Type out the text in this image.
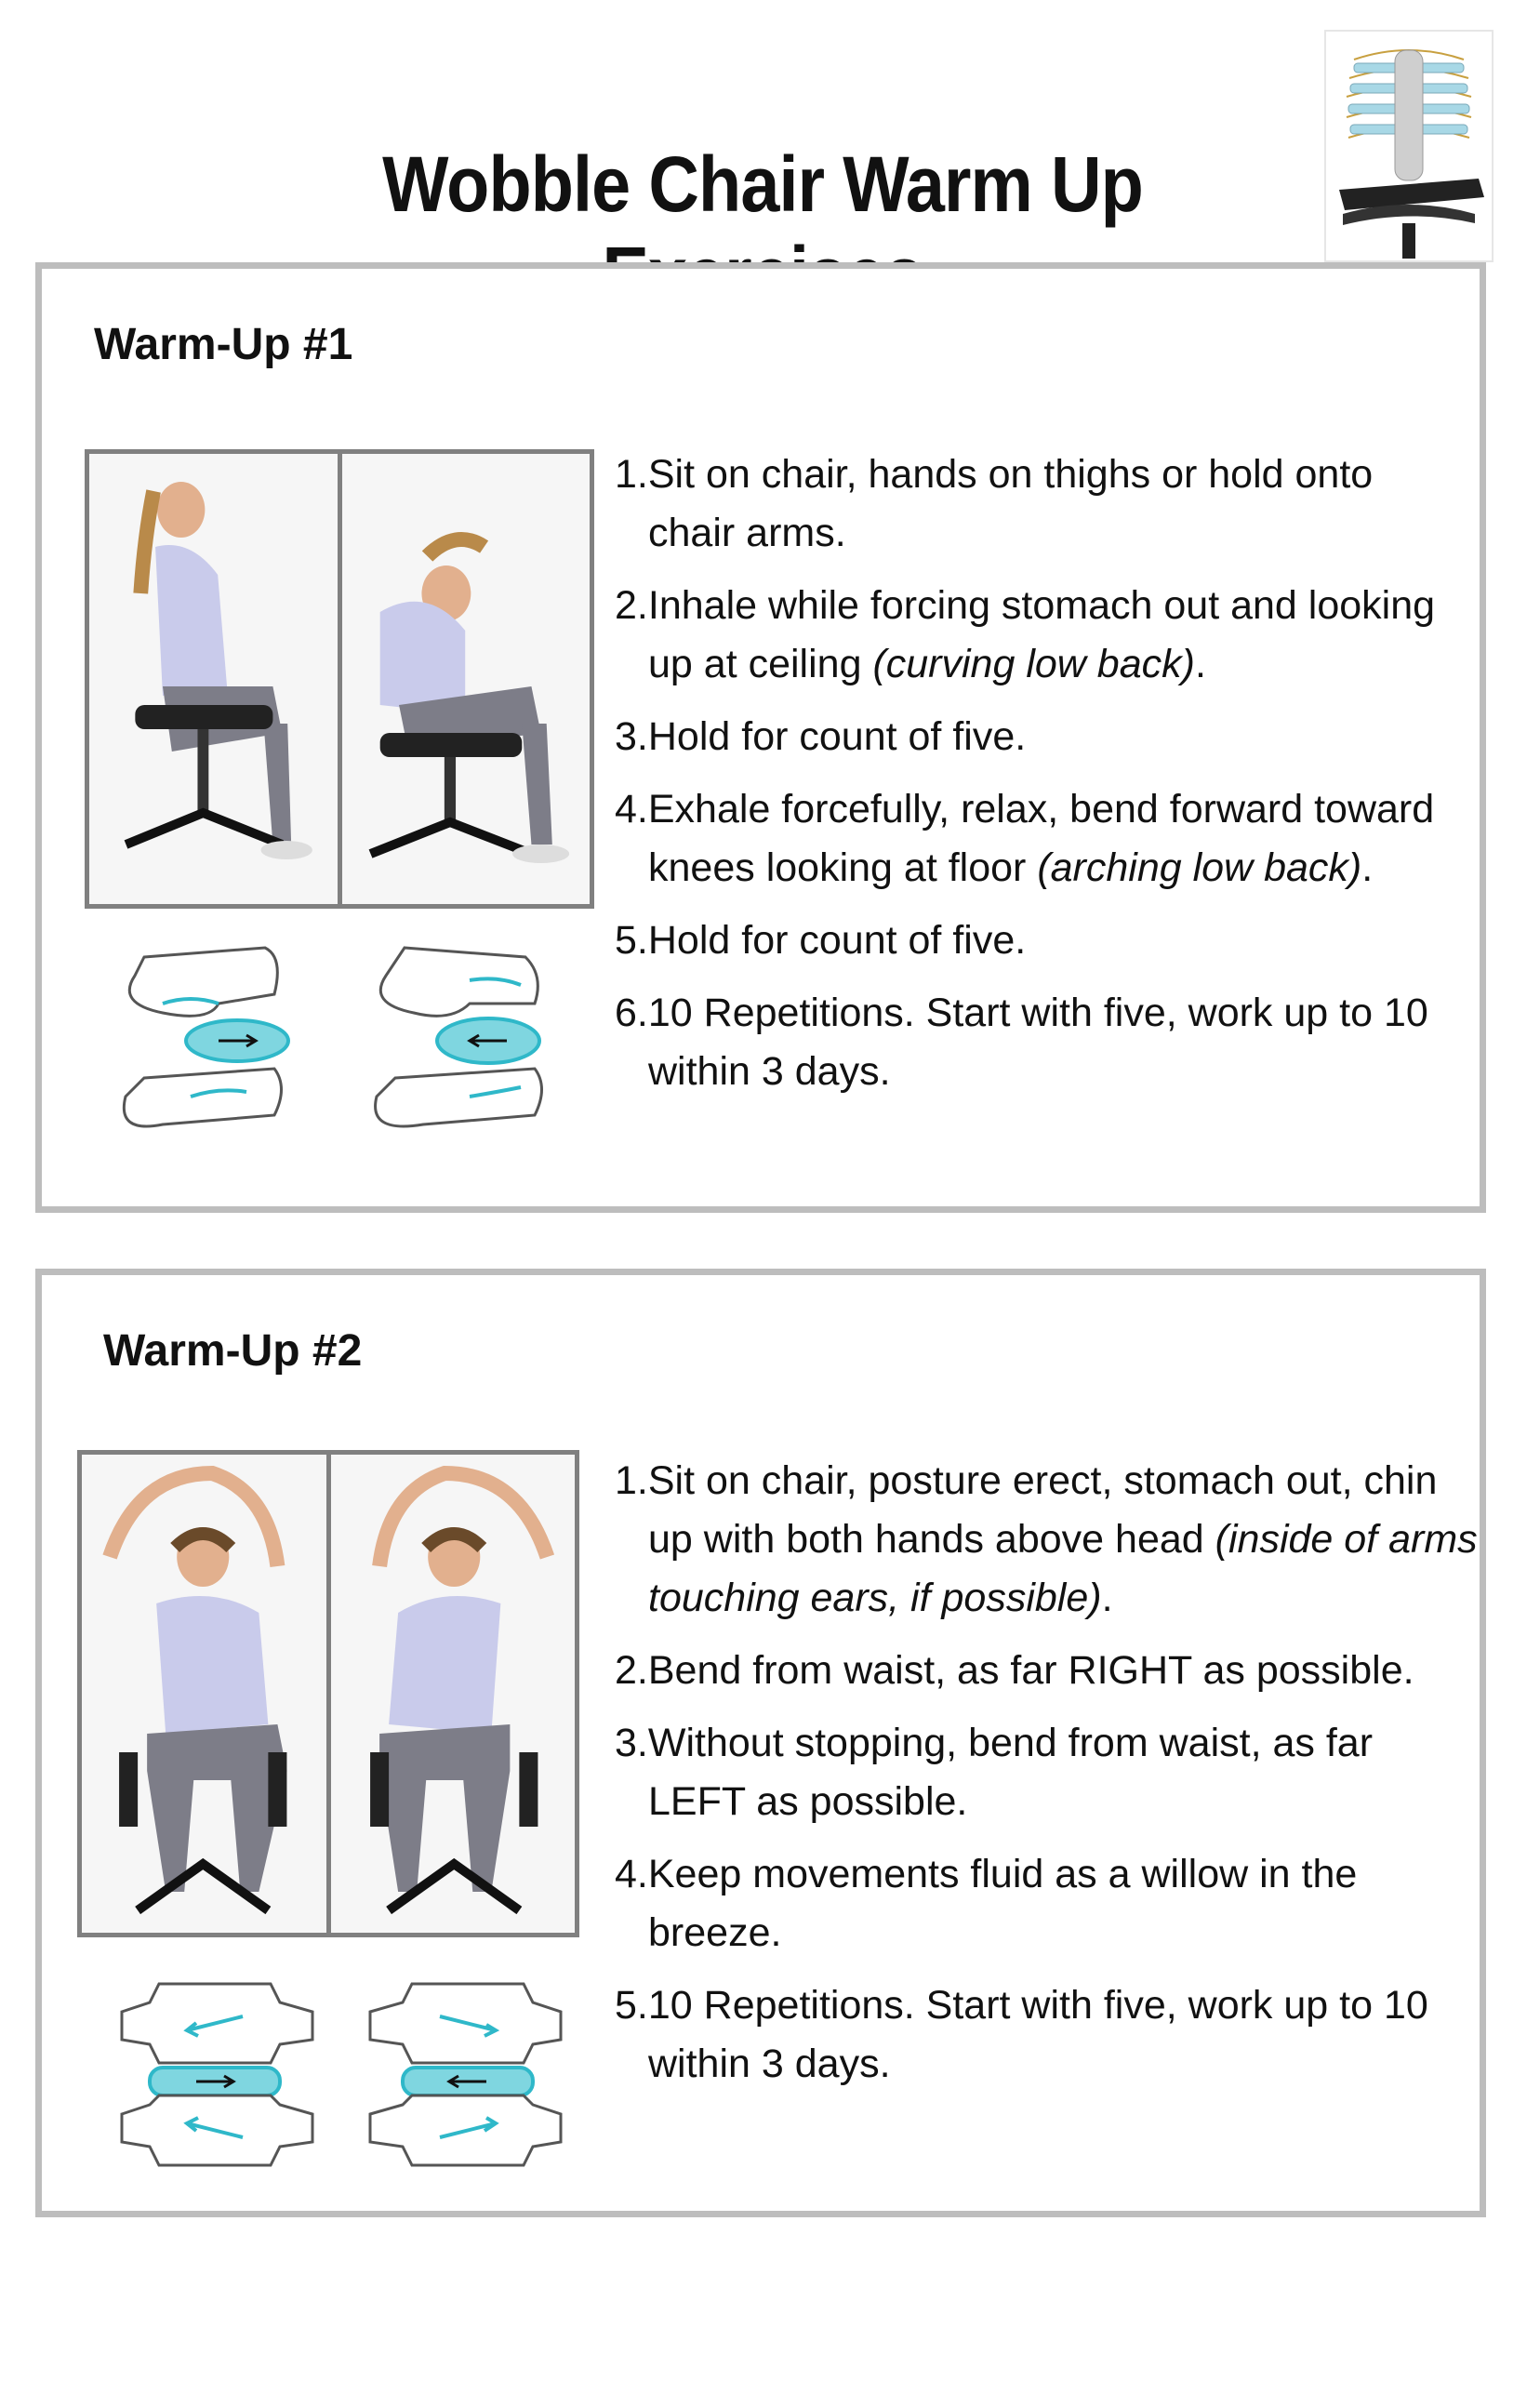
Wobble Chair Warm Up
Warm-Up #1
1.Sit on chair, hands on thighs or hold onto chair arms.
2.Inhale while forcing stomach out and looking up at ceiling (curving low back).
3.Hold for count of five.
4.Exhale forcefully, relax, bend forward toward knees looking at floor (arching low back).
5.Hold for count of five.
6.10 Repetitions. Start with five, work up to 10 within 3 days.
Warm-Up #2
1.Sit on chair, posture erect, stomach out, chin up with both hands above head (inside of arms touching ears, if possible).
2.Bend from waist, as far RIGHT as possible.
3.Without stopping, bend from waist, as far LEFT as possible.
4.Keep movements fluid as a willow in the breeze.
5.10 Repetitions. Start with five, work up to 10 within 3 days.
